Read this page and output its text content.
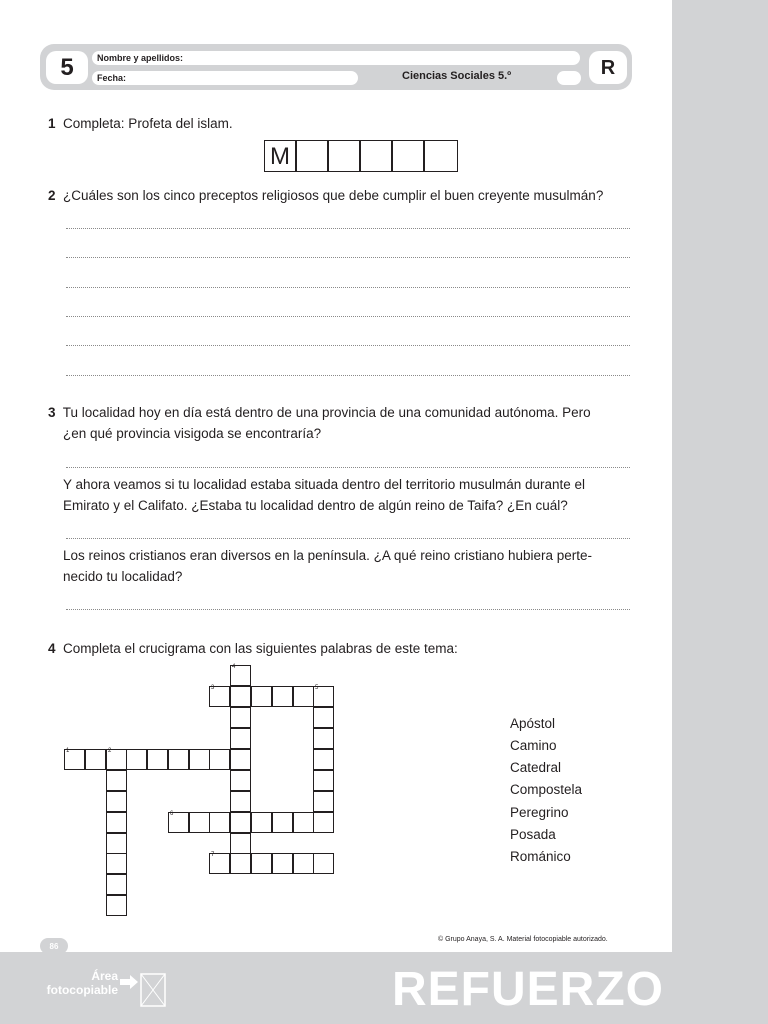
5	Nombre y apellidos:
Fecha:	Ciencias Sociales 5.º	R
1 Completa: Profeta del islam.
M
2 ¿Cuáles son los cinco preceptos religiosos que debe cumplir el buen creyente musulmán?
3 Tu localidad hoy en día está dentro de una provincia de una comunidad autónoma. Pero
¿en qué provincia visigoda se encontraría?
Y ahora veamos si tu localidad estaba situada dentro del territorio musulmán durante el
Emirato y el Califato. ¿Estaba tu localidad dentro de algún reino de Taifa? ¿En cuál?
Los reinos cristianos eran diversos en la península. ¿A qué reino cristiano hubiera perte-
necido tu localidad?
4 Completa el crucigrama con las siguientes palabras de este tema:
4
3	5
1	2
6
7
Apóstol
Camino
Catedral
Compostela
Peregrino
Posada
Románico
© Grupo Anaya, S. A. Material fotocopiable autorizado.
86
Área
fotocopiable	REFUERZO
